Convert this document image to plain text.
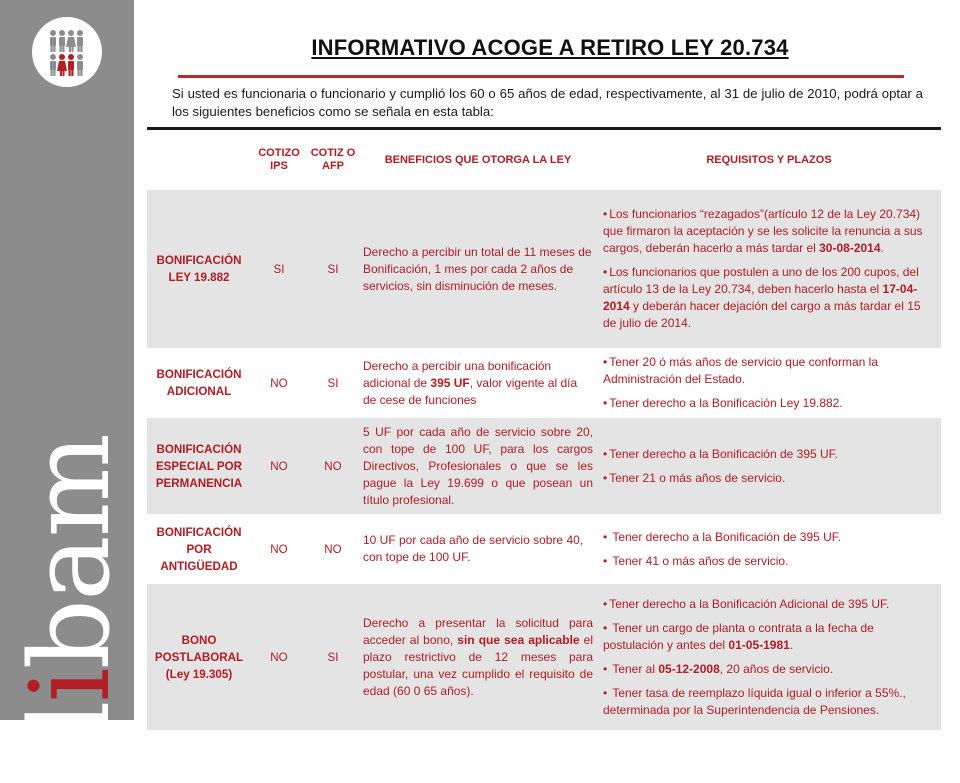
dibam
INFORMATIVO ACOGE A RETIRO LEY 20.734
Si usted es funcionaria o funcionario y cumplió los 60 o 65 años de edad, respectivamente, al 31 de julio de 2010, podrá optar a los siguientes beneficios como se señala en esta tabla:
	COTIZO IPS	COTIZ O AFP	BENEFICIOS QUE OTORGA LA LEY	REQUISITOS Y PLAZOS
BONIFICACIÓN LEY 19.882	SI	SI	Derecho a percibir un total de 11 meses de Bonificación, 1 mes por cada 2 años de servicios, sin disminución de meses.	• Los funcionarios “rezagados”(artículo 12 de la Ley 20.734) que firmaron la aceptación y se les solicite la renuncia a sus cargos, deberán hacerlo a más tardar el 30-08-2014.

• Los funcionarios que postulen a uno de los 200 cupos, del artículo 13 de la Ley 20.734, deben hacerlo hasta el 17-04-2014 y deberán hacer dejación del cargo a más tardar el 15 de julio de 2014.

BONIFICACIÓN ADICIONAL	NO	SI	Derecho a percibir una bonificación adicional de 395 UF, valor vigente al día de cese de funciones	• Tener 20 ó más años de servicio que conforman la Administración del Estado.

• Tener derecho a la Bonificación Ley 19.882.

BONIFICACIÓN ESPECIAL POR PERMANENCIA	NO	NO	5 UF por cada año de servicio sobre 20, con tope de 100 UF, para los cargos Directivos, Profesionales o que se les pague la Ley 19.699 o que posean un título profesional.	• Tener derecho a la Bonificación de 395 UF.

• Tener 21 o más años de servicio.

BONIFICACIÓN POR ANTIGÜEDAD	NO	NO	10 UF por cada año de servicio sobre 40, con tope de 100 UF.	• Tener derecho a la Bonificación de 395 UF.

• Tener 41 o más años de servicio.

BONO POSTLABORAL (Ley 19.305)	NO	SI	Derecho a presentar la solicitud para acceder al bono, sin que sea aplicable el plazo restrictivo de 12 meses para postular, una vez cumplido el requisito de edad (60 0 65 años).	• Tener derecho a la Bonificación Adicional de 395 UF.

• Tener un cargo de planta o contrata a la fecha de postulación y antes del 01-05-1981.

• Tener al 05-12-2008, 20 años de servicio.

• Tener tasa de reemplazo líquida igual o inferior a 55%., determinada por la Superintendencia de Pensiones.
